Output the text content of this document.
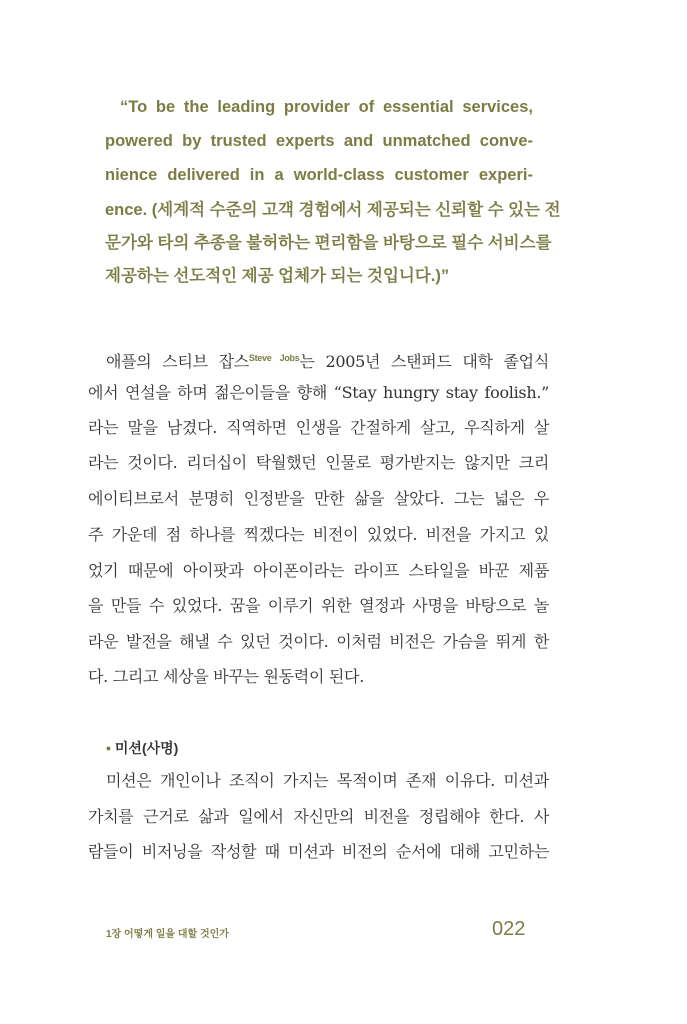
“To be the leading provider of essential services,
powered by trusted experts and unmatched conve-
nience delivered in a world-class customer experi-
ence. (세계적 수준의 고객 경험에서 제공되는 신뢰할 수 있는 전
문가와 타의 추종을 불허하는 편리함을 바탕으로 필수 서비스를
제공하는 선도적인 제공 업체가 되는 것입니다.)”
애플의 스티브 잡스$^{Steve Jobs}$는 2005년 스탠퍼드 대학 졸업식
에서 연설을 하며 젊은이들을 향해 “Stay hungry stay foolish.”
라는 말을 남겼다. 직역하면 인생을 간절하게 살고, 우직하게 살
라는 것이다. 리더십이 탁월했던 인물로 평가받지는 않지만 크리
에이티브로서 분명히 인정받을 만한 삶을 살았다. 그는 넓은 우
주 가운데 점 하나를 찍겠다는 비전이 있었다. 비전을 가지고 있
었기 때문에 아이팟과 아이폰이라는 라이프 스타일을 바꾼 제품
을 만들 수 있었다. 꿈을 이루기 위한 열정과 사명을 바탕으로 놀
라운 발전을 해낼 수 있던 것이다. 이처럼 비전은 가슴을 뛰게 한
다. 그리고 세상을 바꾸는 원동력이 된다.
• 미션(사명)
미션은 개인이나 조직이 가지는 목적이며 존재 이유다. 미션과
가치를 근거로 삶과 일에서 자신만의 비전을 정립해야 한다. 사
람들이 비저닝을 작성할 때 미션과 비전의 순서에 대해 고민하는
1장 어떻게 일을 대할 것인가	022
